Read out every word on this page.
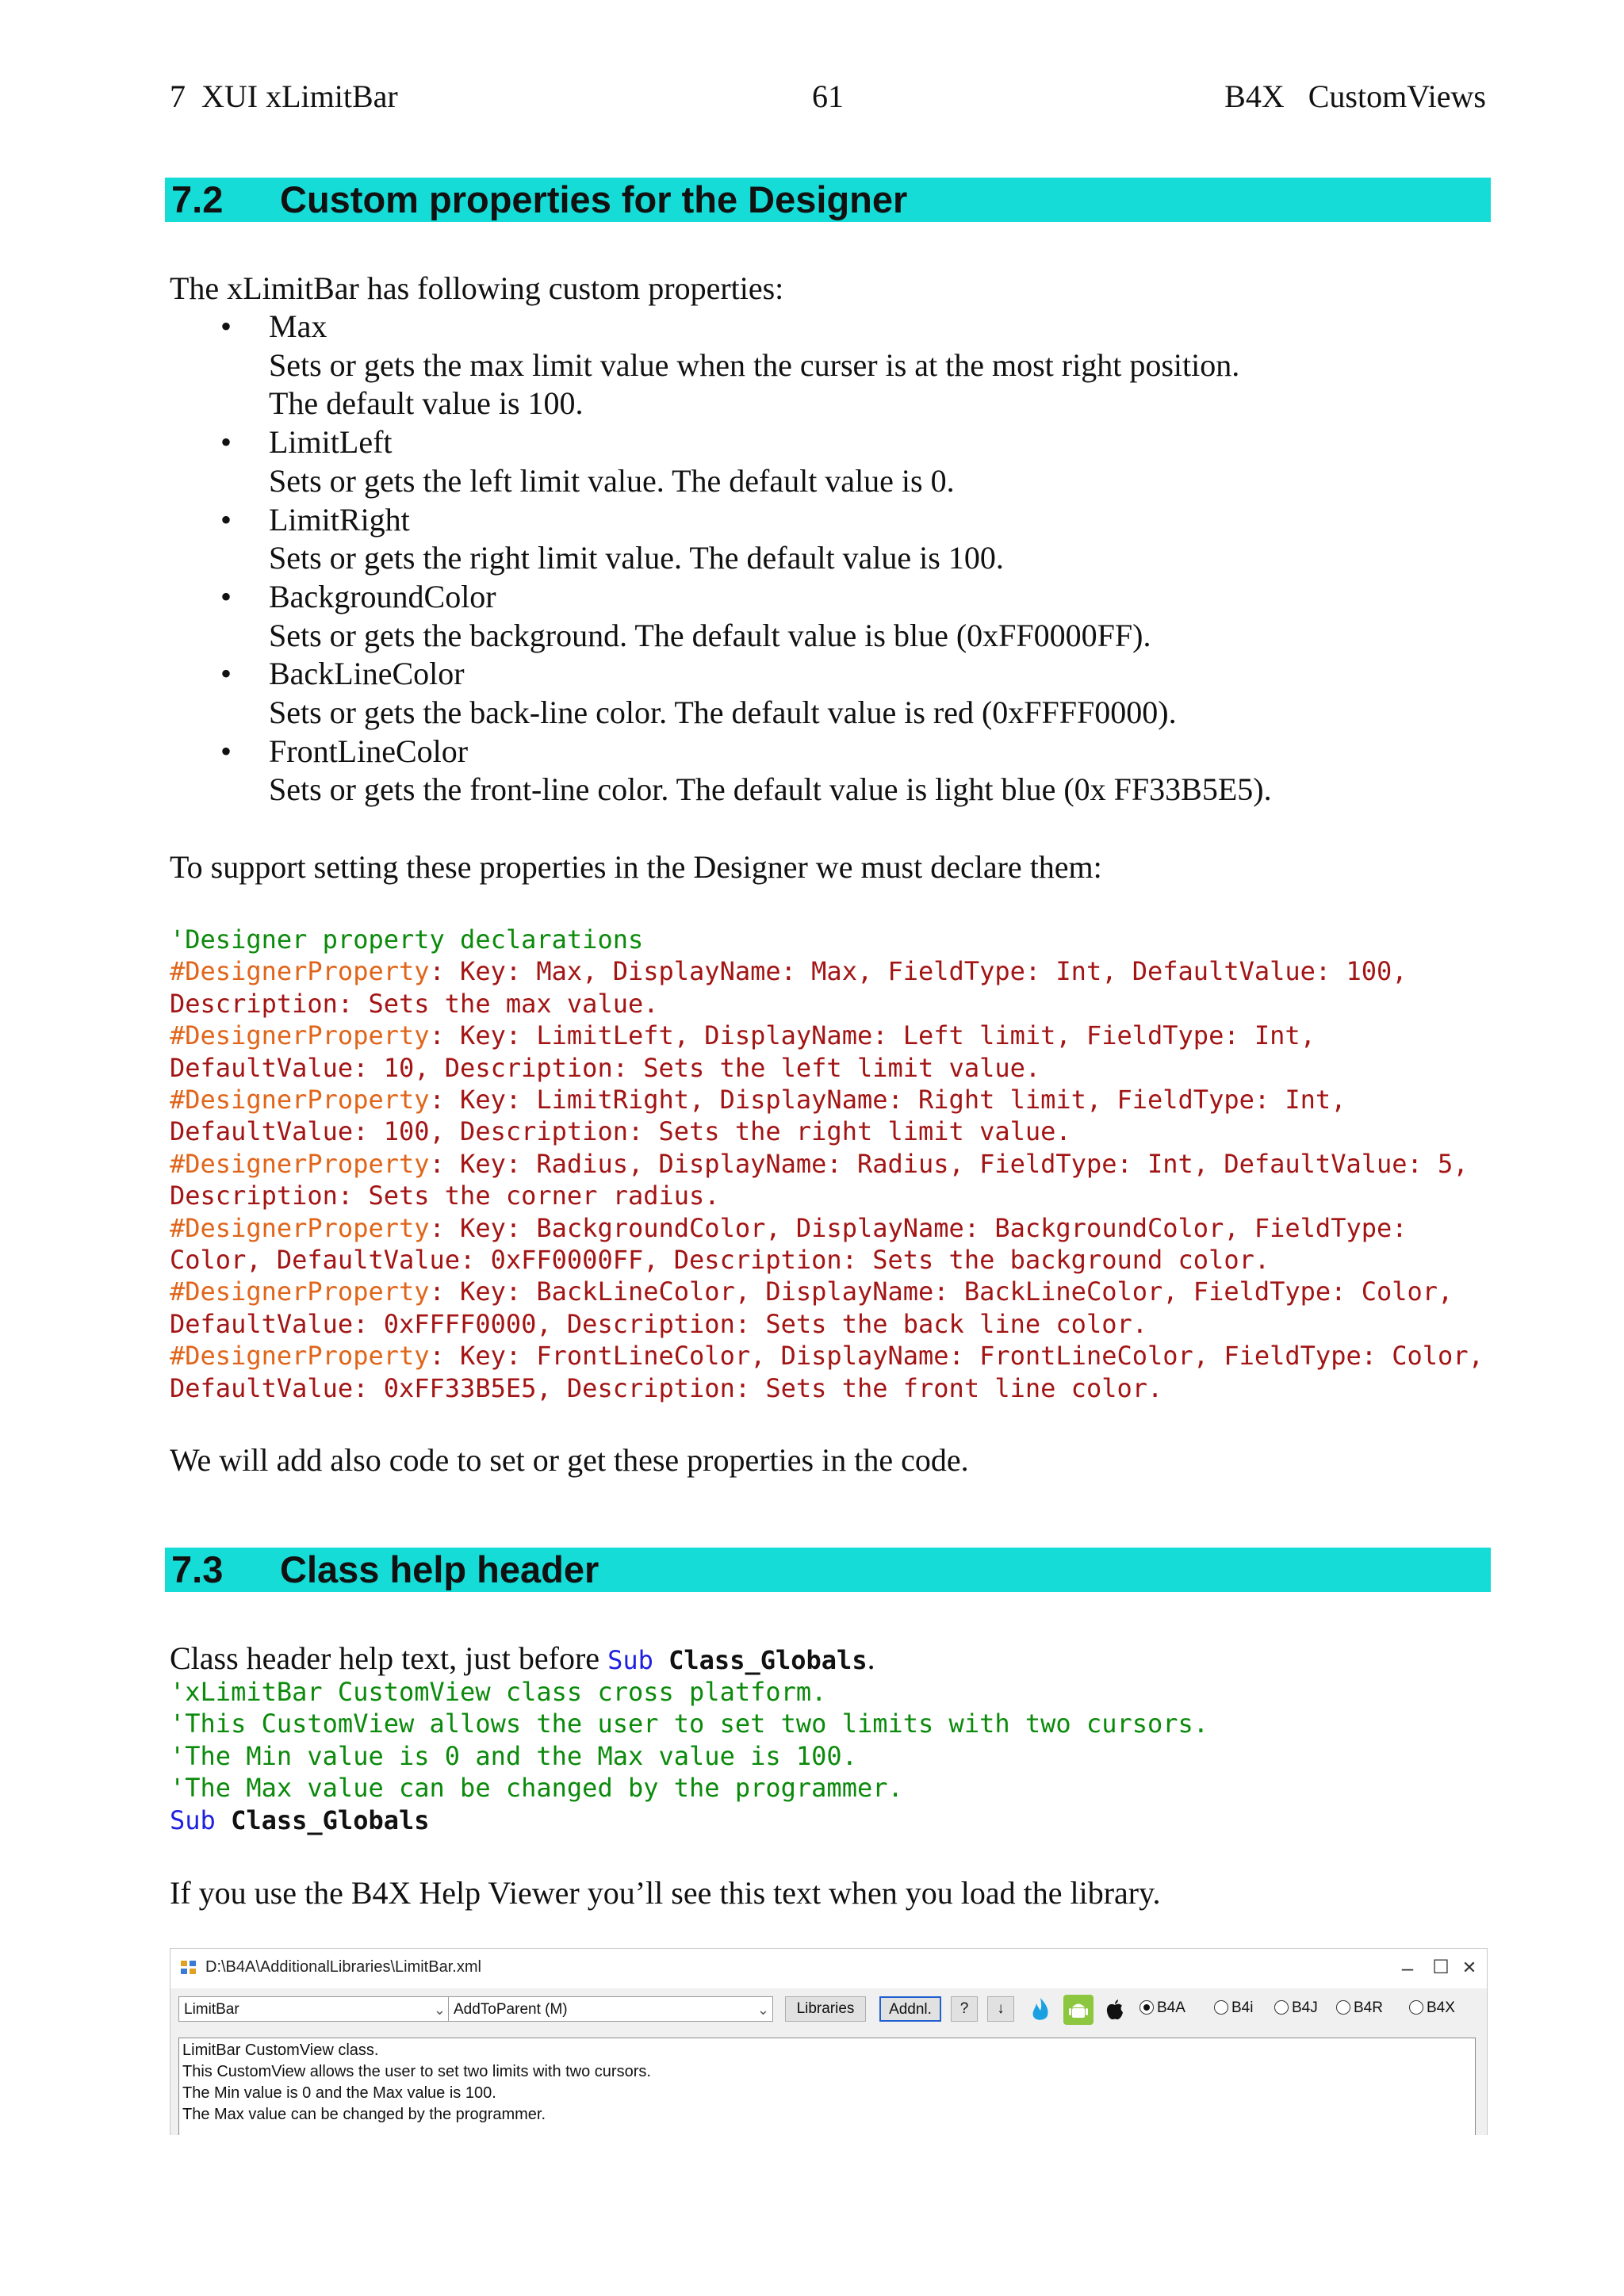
7  XUI xLimitBar	61	B4X   CustomViews
7.2 Custom properties for the Designer
The xLimitBar has following custom properties:
• Max
Sets or gets the max limit value when the curser is at the most right position.
The default value is 100.
• LimitLeft
Sets or gets the left limit value. The default value is 0.
• LimitRight
Sets or gets the right limit value. The default value is 100.
• BackgroundColor
Sets or gets the background. The default value is blue (0xFF0000FF).
• BackLineColor
Sets or gets the back-line color. The default value is red (0xFFFF0000).
• FrontLineColor
Sets or gets the front-line color. The default value is light blue (0x FF33B5E5).
To support setting these properties in the Designer we must declare them:
'Designer property declarations
#DesignerProperty: Key: Max, DisplayName: Max, FieldType: Int, DefaultValue: 100,
Description: Sets the max value.
#DesignerProperty: Key: LimitLeft, DisplayName: Left limit, FieldType: Int,
DefaultValue: 10, Description: Sets the left limit value.
#DesignerProperty: Key: LimitRight, DisplayName: Right limit, FieldType: Int,
DefaultValue: 100, Description: Sets the right limit value.
#DesignerProperty: Key: Radius, DisplayName: Radius, FieldType: Int, DefaultValue: 5,
Description: Sets the corner radius.
#DesignerProperty: Key: BackgroundColor, DisplayName: BackgroundColor, FieldType:
Color, DefaultValue: 0xFF0000FF, Description: Sets the background color.
#DesignerProperty: Key: BackLineColor, DisplayName: BackLineColor, FieldType: Color,
DefaultValue: 0xFFFF0000, Description: Sets the back line color.
#DesignerProperty: Key: FrontLineColor, DisplayName: FrontLineColor, FieldType: Color,
DefaultValue: 0xFF33B5E5, Description: Sets the front line color.
We will add also code to set or get these properties in the code.
7.3 Class help header
Class header help text, just before Sub Class_Globals.
'xLimitBar CustomView class cross platform.
'This CustomView allows the user to set two limits with two cursors.
'The Min value is 0 and the Max value is 100.
'The Max value can be changed by the programmer.
Sub Class_Globals
If you use the B4X Help Viewer you’ll see this text when you load the library.
D:\B4A\AdditionalLibraries\LimitBar.xml	–	☐ ✕
LimitBar	⌄ AddToParent (M)	⌄	Libraries	Addnl.	?	↓	B4A	B4i	B4J	B4R	B4X
LimitBar CustomView class.
This CustomView allows the user to set two limits with two cursors.
The Min value is 0 and the Max value is 100.
The Max value can be changed by the programmer.
